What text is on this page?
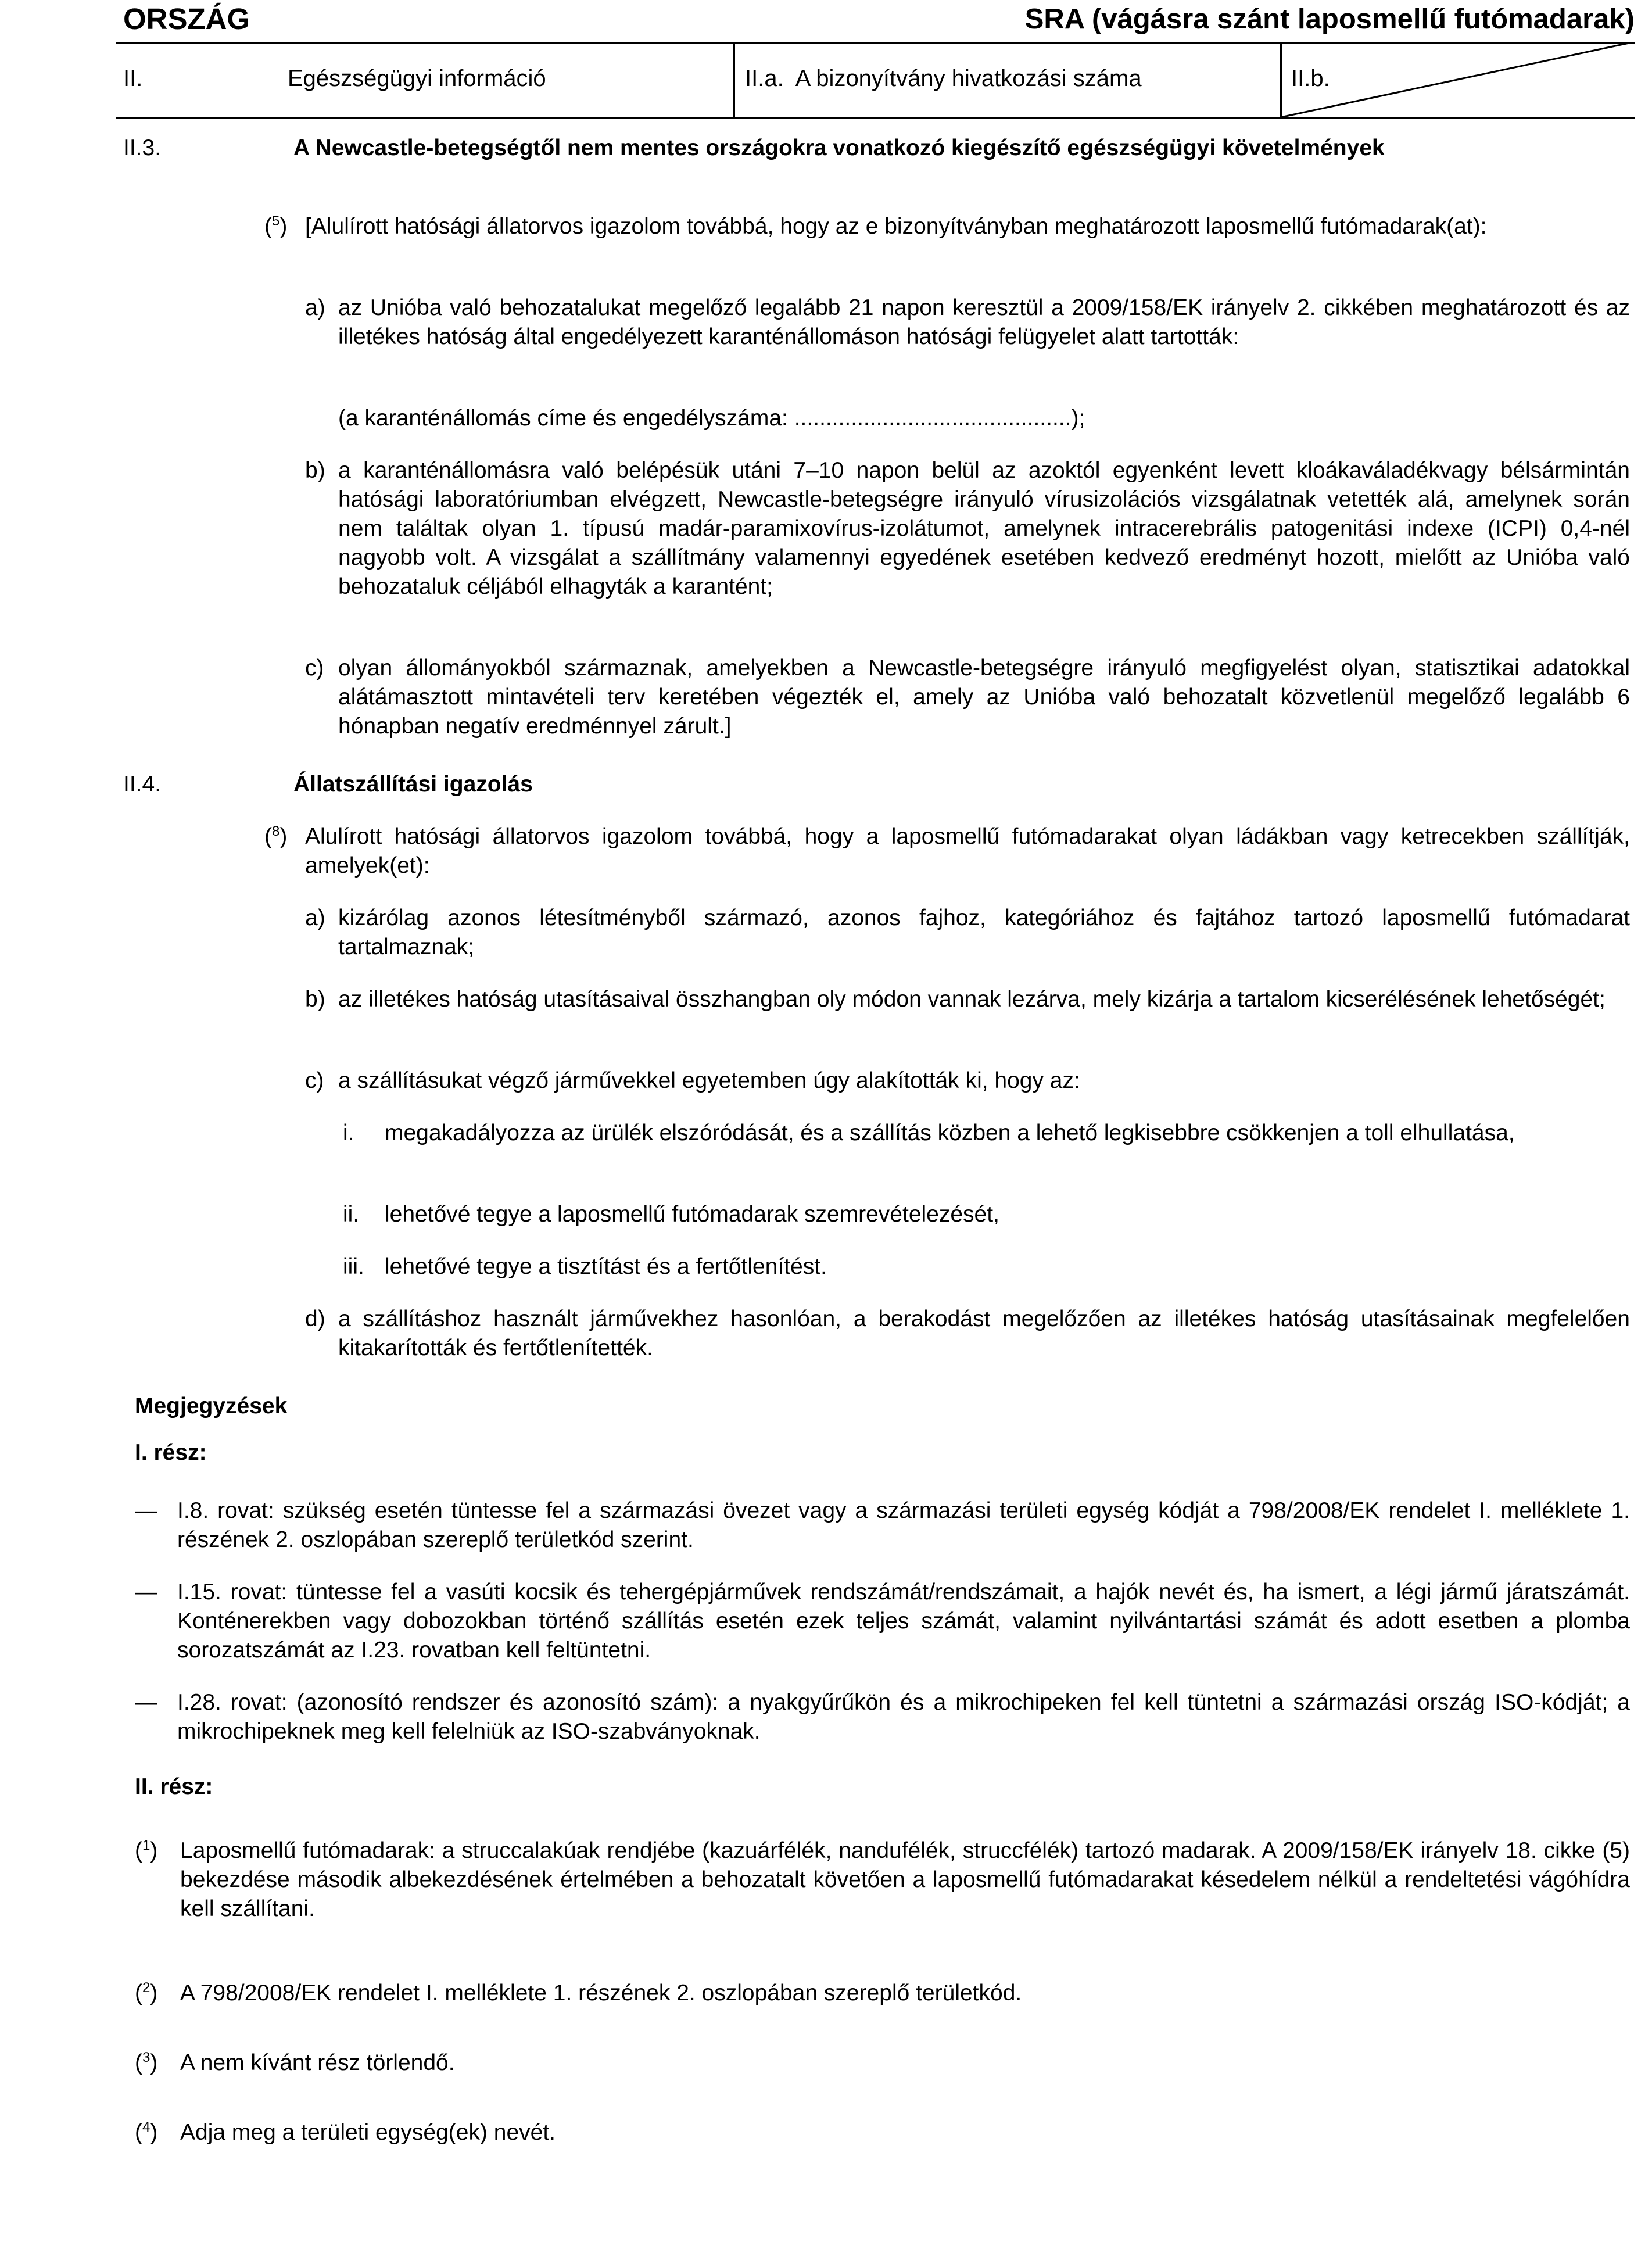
ORSZÁG	SRA (vágásra szánt laposmellű futómadarak)
II.	Egészségügyi információ	II.a.  A bizonyítvány hivatkozási száma	II.b.
II.3.	A Newcastle-betegségtől nem mentes országokra vonatkozó kiegészítő egészségügyi követelmények
($^5$) [Alulírott hatósági állatorvos igazolom továbbá, hogy az e bizonyítványban meghatározott laposmellű futómadarak(at):
a) az Unióba való behozatalukat megelőző legalább 21 napon keresztül a 2009/158/EK irányelv 2. cikkében meghatározott és az illetékes hatóság által engedélyezett karanténállomáson hatósági felügyelet alatt tartották:
(a karanténállomás címe és engedélyszáma: ............................................);
b) a karanténállomásra való belépésük utáni 7–10 napon belül az azoktól egyenként levett kloákaváladékvagy bélsármintán hatósági laboratóriumban elvégzett, Newcastle-betegségre irányuló vírusizolációs vizsgálatnak vetették alá, amelynek során nem találtak olyan 1. típusú madár-paramixovírus-izolátumot, amelynek intracerebrális patogenitási indexe (ICPI) 0,4-nél nagyobb volt. A vizsgálat a szállítmány valamennyi egyedének esetében kedvező eredményt hozott, mielőtt az Unióba való behozataluk céljából elhagyták a karantént;
c) olyan állományokból származnak, amelyekben a Newcastle-betegségre irányuló megfigyelést olyan, statisztikai adatokkal alátámasztott mintavételi terv keretében végezték el, amely az Unióba való behozatalt közvetlenül megelőző legalább 6 hónapban negatív eredménnyel zárult.]
II.4.	Állatszállítási igazolás
($^8$) Alulírott hatósági állatorvos igazolom továbbá, hogy a laposmellű futómadarakat olyan ládákban vagy ketrecekben szállítják, amelyek(et):
a) kizárólag azonos létesítményből származó, azonos fajhoz, kategóriához és fajtához tartozó laposmellű futómadarat tartalmaznak;
b) az illetékes hatóság utasításaival összhangban oly módon vannak lezárva, mely kizárja a tartalom kicserélésének lehetőségét;
c) a szállításukat végző járművekkel egyetemben úgy alakították ki, hogy az:
i. megakadályozza az ürülék elszóródását, és a szállítás közben a lehető legkisebbre csökkenjen a toll elhullatása,
ii. lehetővé tegye a laposmellű futómadarak szemrevételezését,
iii. lehetővé tegye a tisztítást és a fertőtlenítést.
d) a szállításhoz használt járművekhez hasonlóan, a berakodást megelőzően az illetékes hatóság utasításainak megfelelően kitakarították és fertőtlenítették.
Megjegyzések
I. rész:
— I.8. rovat: szükség esetén tüntesse fel a származási övezet vagy a származási területi egység kódját a 798/2008/EK rendelet I. melléklete 1. részének 2. oszlopában szereplő területkód szerint.
— I.15. rovat: tüntesse fel a vasúti kocsik és tehergépjárművek rendszámát/rendszámait, a hajók nevét és, ha ismert, a légi jármű járatszámát. Konténerekben vagy dobozokban történő szállítás esetén ezek teljes számát, valamint nyilvántartási számát és adott esetben a plomba sorozatszámát az I.23. rovatban kell feltüntetni.
— I.28. rovat: (azonosító rendszer és azonosító szám): a nyakgyűrűkön és a mikrochipeken fel kell tüntetni a származási ország ISO-kódját; a mikrochipeknek meg kell felelniük az ISO-szabványoknak.
II. rész:
($^1$) Laposmellű futómadarak: a struccalakúak rendjébe (kazuárfélék, nandufélék, struccfélék) tartozó madarak. A 2009/158/EK irányelv 18. cikke (5) bekezdése második albekezdésének értelmében a behozatalt követően a laposmellű futómadarakat késedelem nélkül a rendeltetési vágóhídra kell szállítani.
($^2$) A 798/2008/EK rendelet I. melléklete 1. részének 2. oszlopában szereplő területkód.
($^3$) A nem kívánt rész törlendő.
($^4$) Adja meg a területi egység(ek) nevét.
